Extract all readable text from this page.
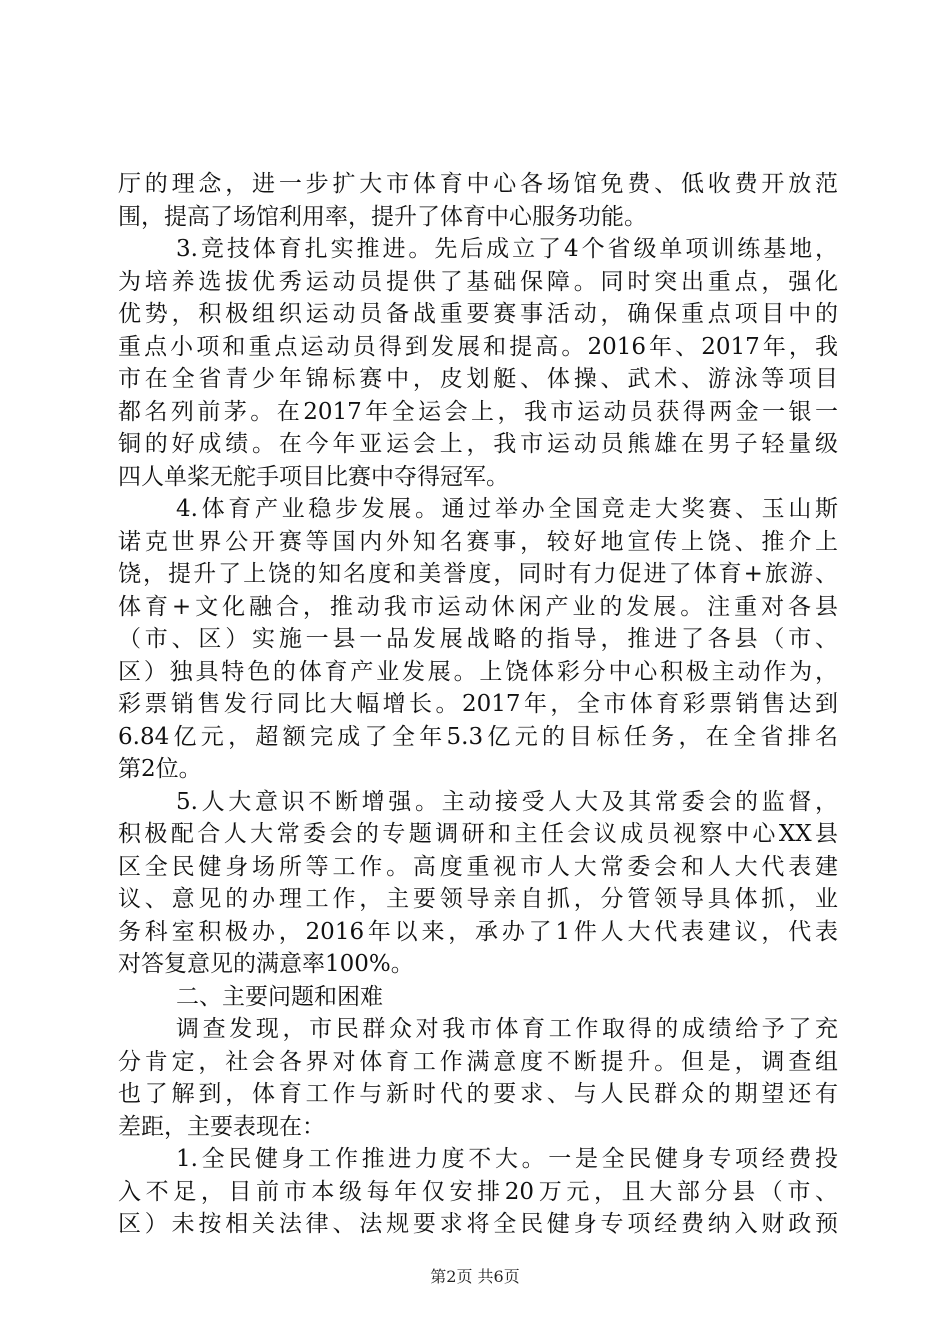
厅的理念，进一步扩大市体育中心各场馆免费、低收费开放范
围，提高了场馆利用率，提升了体育中心服务功能。
3.竞技体育扎实推进。先后成立了4个省级单项训练基地，
为培养选拔优秀运动员提供了基础保障。同时突出重点，强化
优势，积极组织运动员备战重要赛事活动，确保重点项目中的
重点小项和重点运动员得到发展和提高。2016年、2017年，我
市在全省青少年锦标赛中，皮划艇、体操、武术、游泳等项目
都名列前茅。在2017年全运会上，我市运动员获得两金一银一
铜的好成绩。在今年亚运会上，我市运动员熊雄在男子轻量级
四人单桨无舵手项目比赛中夺得冠军。
4.体育产业稳步发展。通过举办全国竞走大奖赛、玉山斯
诺克世界公开赛等国内外知名赛事，较好地宣传上饶、推介上
饶，提升了上饶的知名度和美誉度，同时有力促进了体育+旅游、
体育+文化融合，推动我市运动休闲产业的发展。注重对各县
（市、区）实施一县一品发展战略的指导，推进了各县（市、
区）独具特色的体育产业发展。上饶体彩分中心积极主动作为，
彩票销售发行同比大幅增长。2017年，全市体育彩票销售达到
6.84亿元，超额完成了全年5.3亿元的目标任务，在全省排名
第2位。
5.人大意识不断增强。主动接受人大及其常委会的监督，
积极配合人大常委会的专题调研和主任会议成员视察中心XX县
区全民健身场所等工作。高度重视市人大常委会和人大代表建
议、意见的办理工作，主要领导亲自抓，分管领导具体抓，业
务科室积极办，2016年以来，承办了1件人大代表建议，代表
对答复意见的满意率100%。
二、主要问题和困难
调查发现，市民群众对我市体育工作取得的成绩给予了充
分肯定，社会各界对体育工作满意度不断提升。但是，调查组
也了解到，体育工作与新时代的要求、与人民群众的期望还有
差距，主要表现在：
1.全民健身工作推进力度不大。一是全民健身专项经费投
入不足，目前市本级每年仅安排20万元，且大部分县（市、
区）未按相关法律、法规要求将全民健身专项经费纳入财政预
第2页 共6页
